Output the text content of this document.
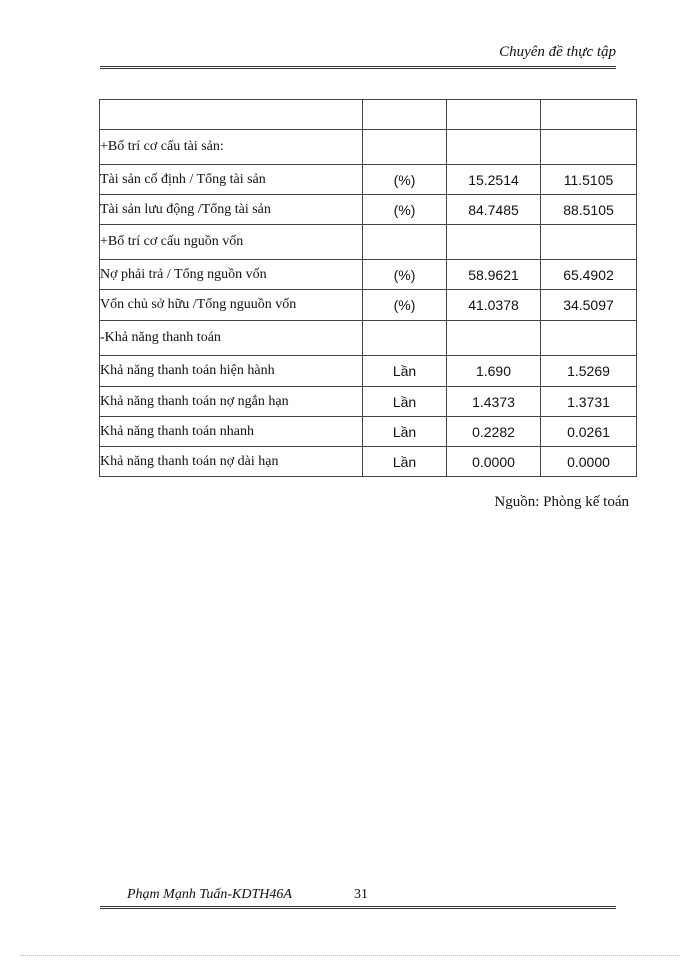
Chuyên đề thực tập

+Bố trí cơ cấu tài sản:			
Tài sản cố định / Tổng tài sản	(%)	15.2514	11.5105
Tài sản lưu động /Tổng tài sản	(%)	84.7485	88.5105
+Bố trí cơ cấu nguồn vốn			
Nợ phải trả / Tổng nguồn vốn	(%)	58.9621	65.4902
Vốn chủ sở hữu /Tổng nguuồn vốn	(%)	41.0378	34.5097
-Khả năng thanh toán			
Khả năng thanh toán hiện hành	Lần	1.690	1.5269
Khả năng thanh toán nợ ngắn hạn	Lần	1.4373	1.3731
Khả năng thanh toán nhanh	Lần	0.2282	0.0261
Khả năng thanh toán nợ dài hạn	Lần	0.0000	0.0000
Nguồn: Phòng kế toán
Phạm Mạnh Tuấn-KDTH46A	31
